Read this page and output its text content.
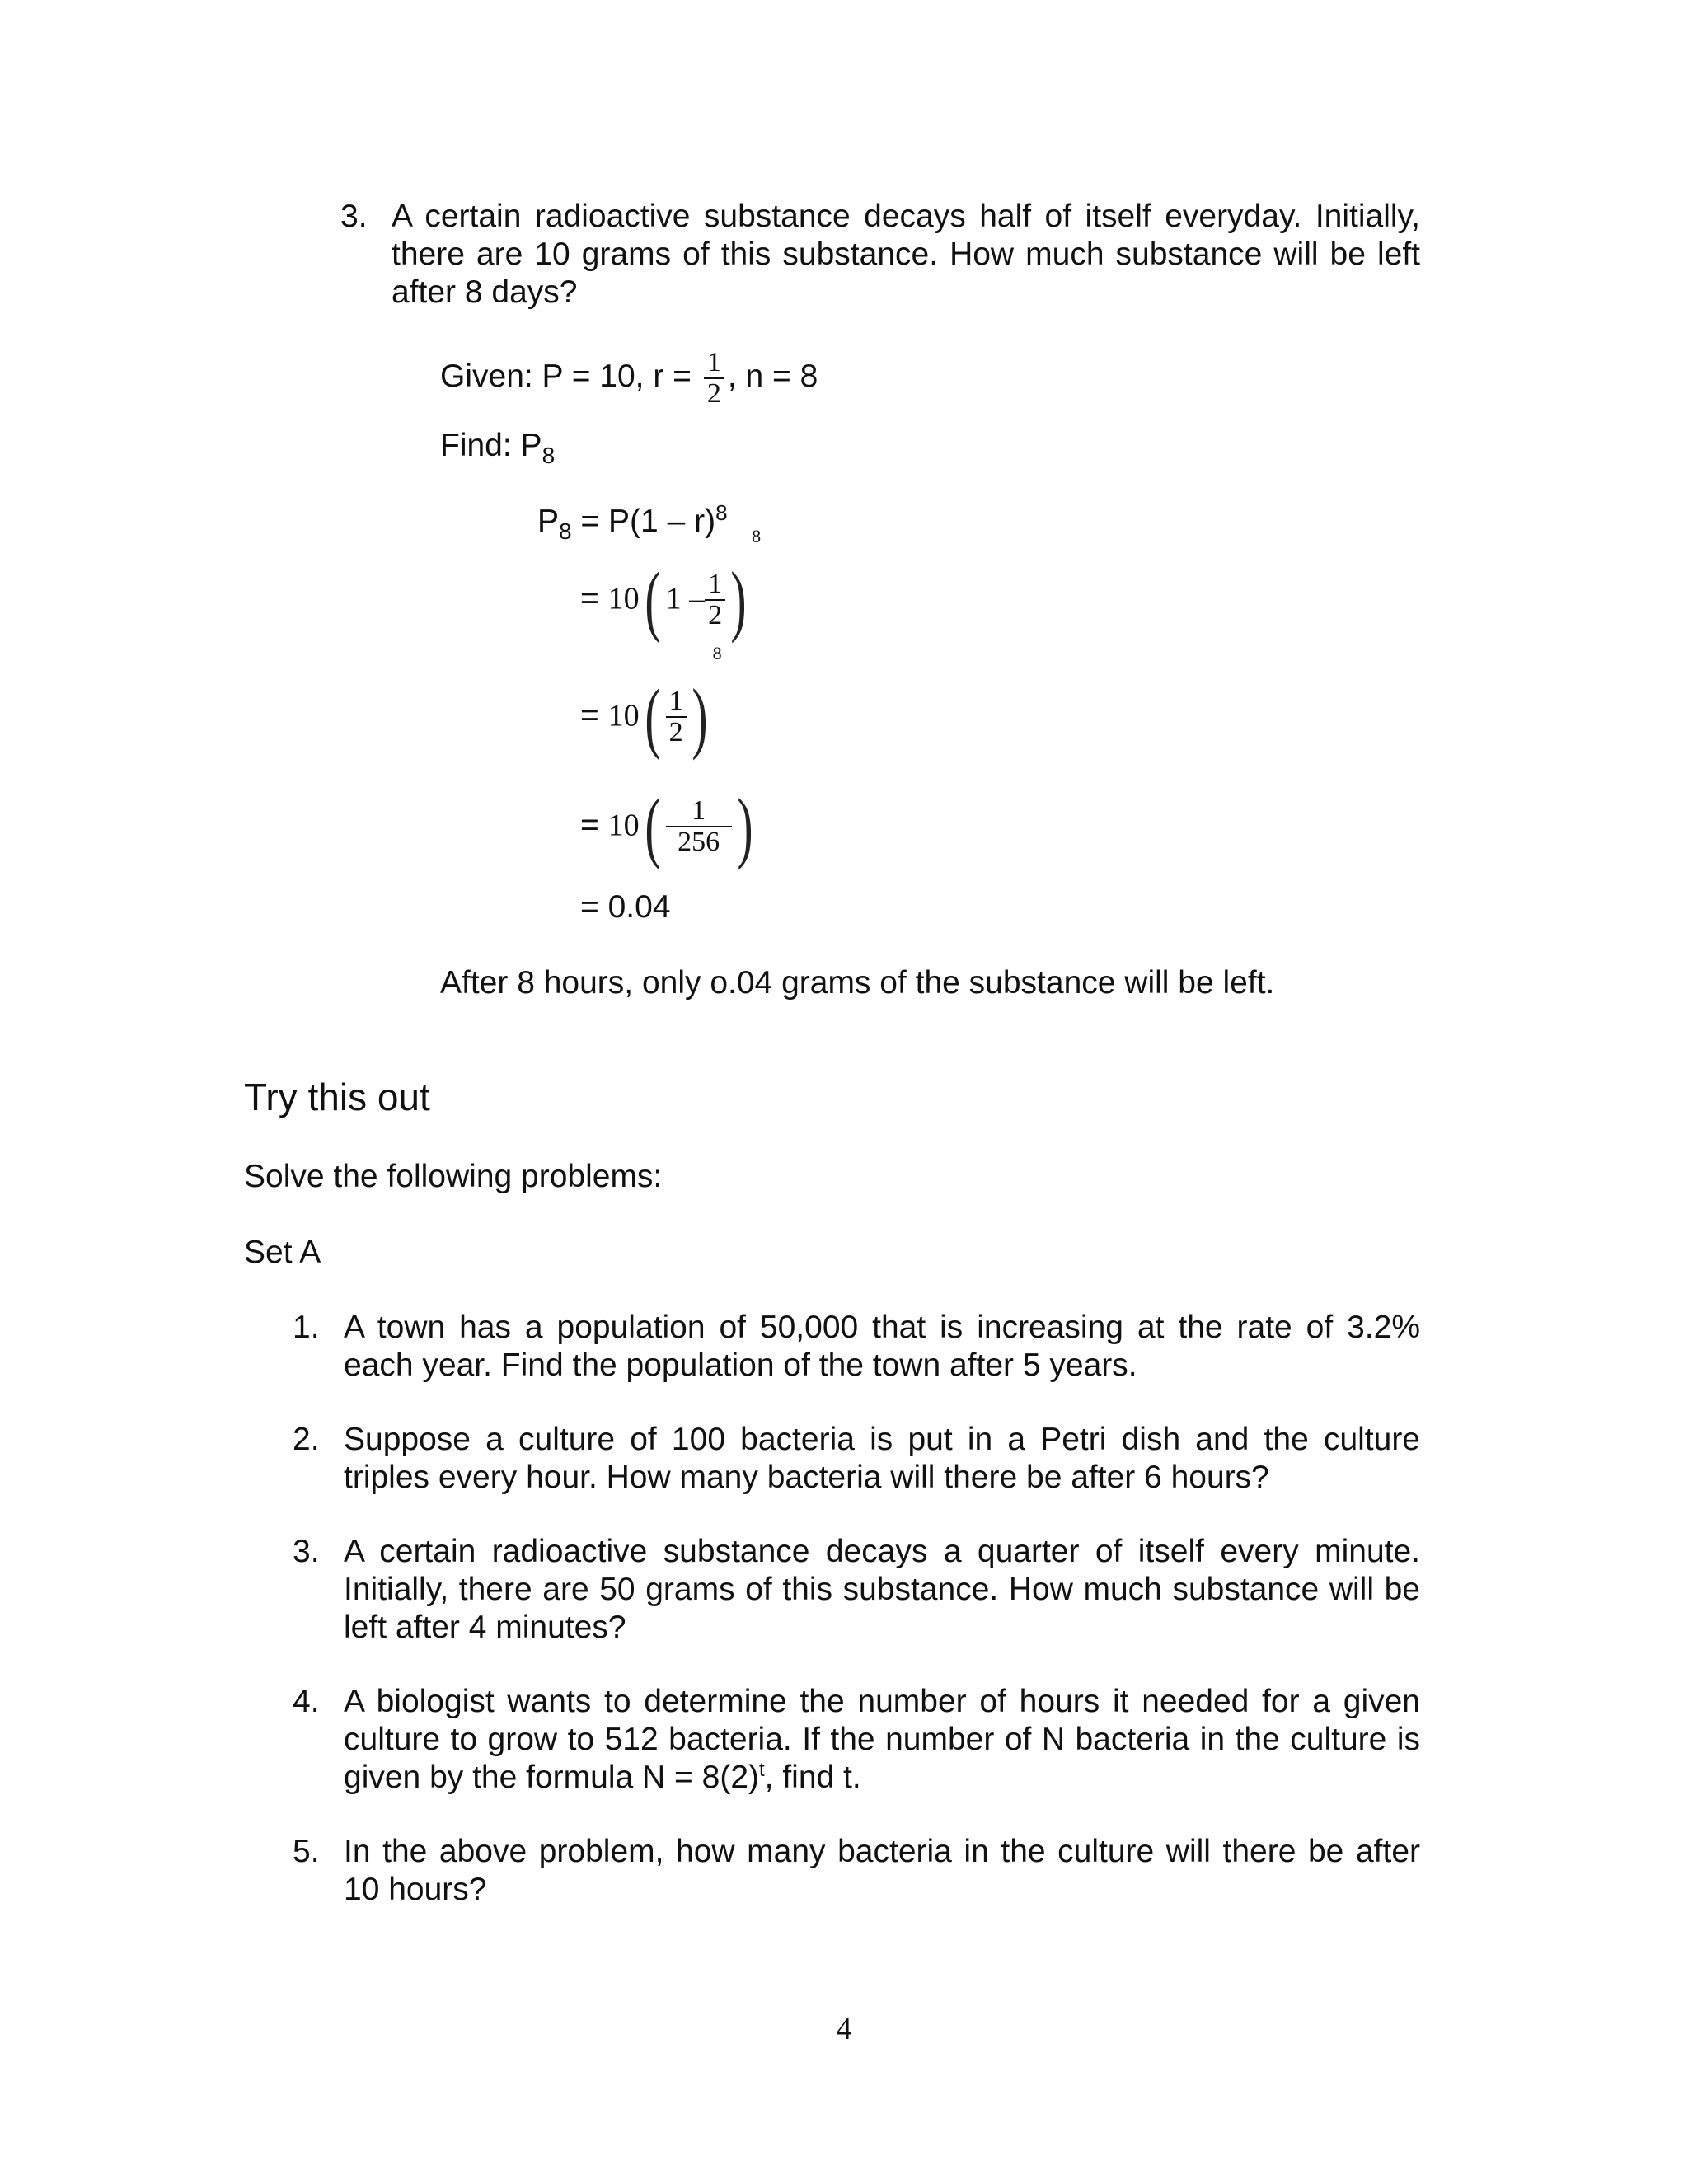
3. A certain radioactive substance decays half of itself everyday. Initially, there are 10 grams of this substance. How much substance will be left after 8 days?
Given: P = 10, $r = \frac{1}{2}$ , n = 8
Find: $P_8$
$P_8 = P(1 - r)^8$
= 10( $1 - \frac{1}{2} )^8$
= $10( \frac{1}{2} )^8$
= $10( \frac{1}{256}$ )
= 0.04
After 8 hours, only o.04 grams of the substance will be left.
Try this out
Solve the following problems:
Set A
1. A town has a population of 50,000 that is increasing at the rate of 3.2% each year. Find the population of the town after 5 years.
2. Suppose a culture of 100 bacteria is put in a Petri dish and the culture triples every hour. How many bacteria will there be after 6 hours?
3. A certain radioactive substance decays a quarter of itself every minute. Initially, there are 50 grams of this substance. How much substance will be left after 4 minutes?
4. A biologist wants to determine the number of hours it needed for a given culture to grow to 512 bacteria. If the number of N bacteria in the culture is given by the formula $N = 8(2)^t$, find t.
5. In the above problem, how many bacteria in the culture will there be after 10 hours?
4
